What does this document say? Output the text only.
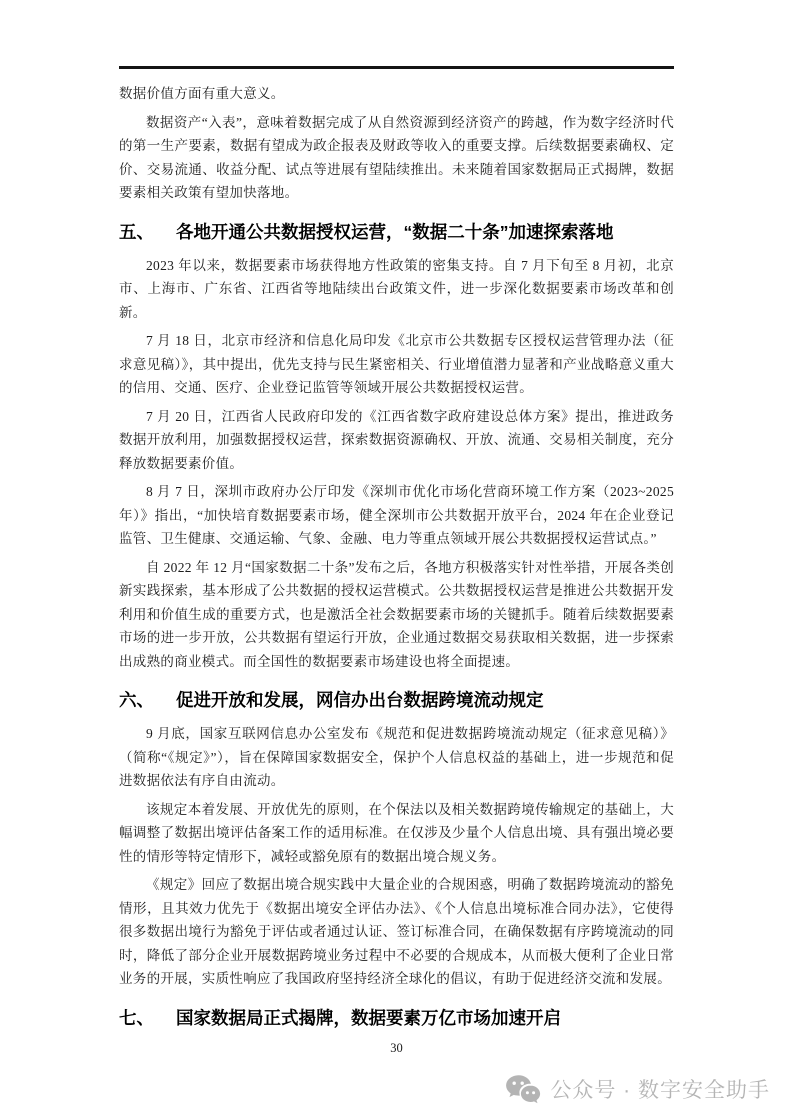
数据价值方面有重大意义。

数据资产“入表”，意味着数据完成了从自然资源到经济资产的跨越，作为数字经济时代的第一生产要素，数据有望成为政企报表及财政等收入的重要支撑。后续数据要素确权、定价、交易流通、收益分配、试点等进展有望陆续推出。未来随着国家数据局正式揭牌，数据要素相关政策有望加快落地。

五、 各地开通公共数据授权运营，“数据二十条”加速探索落地

2023 年以来，数据要素市场获得地方性政策的密集支持。自 7 月下旬至 8 月初，北京市、上海市、广东省、江西省等地陆续出台政策文件，进一步深化数据要素市场改革和创新。

7 月 18 日，北京市经济和信息化局印发《北京市公共数据专区授权运营管理办法（征求意见稿）》，其中提出，优先支持与民生紧密相关、行业增值潜力显著和产业战略意义重大的信用、交通、医疗、企业登记监管等领域开展公共数据授权运营。

7 月 20 日，江西省人民政府印发的《江西省数字政府建设总体方案》提出，推进政务数据开放利用，加强数据授权运营，探索数据资源确权、开放、流通、交易相关制度，充分释放数据要素价值。

8 月 7 日，深圳市政府办公厅印发《深圳市优化市场化营商环境工作方案（2023~2025 年）》指出，“加快培育数据要素市场，健全深圳市公共数据开放平台，2024 年在企业登记监管、卫生健康、交通运输、气象、金融、电力等重点领域开展公共数据授权运营试点。”

自 2022 年 12 月“国家数据二十条”发布之后，各地方积极落实针对性举措，开展各类创新实践探索，基本形成了公共数据的授权运营模式。公共数据授权运营是推进公共数据开发利用和价值生成的重要方式，也是激活全社会数据要素市场的关键抓手。随着后续数据要素市场的进一步开放，公共数据有望运行开放，企业通过数据交易获取相关数据，进一步探索出成熟的商业模式。而全国性的数据要素市场建设也将全面提速。

六、 促进开放和发展，网信办出台数据跨境流动规定

9 月底，国家互联网信息办公室发布《规范和促进数据跨境流动规定（征求意见稿）》（简称“《规定》”），旨在保障国家数据安全，保护个人信息权益的基础上，进一步规范和促进数据依法有序自由流动。

该规定本着发展、开放优先的原则，在个保法以及相关数据跨境传输规定的基础上，大幅调整了数据出境评估备案工作的适用标准。在仅涉及少量个人信息出境、具有强出境必要性的情形等特定情形下，减轻或豁免原有的数据出境合规义务。

《规定》回应了数据出境合规实践中大量企业的合规困惑，明确了数据跨境流动的豁免情形，且其效力优先于《数据出境安全评估办法》、《个人信息出境标准合同办法》，它使得很多数据出境行为豁免于评估或者通过认证、签订标准合同，在确保数据有序跨境流动的同时，降低了部分企业开展数据跨境业务过程中不必要的合规成本，从而极大便利了企业日常业务的开展，实质性响应了我国政府坚持经济全球化的倡议，有助于促进经济交流和发展。

七、 国家数据局正式揭牌，数据要素万亿市场加速开启
30
公众号 · 数字安全助手
